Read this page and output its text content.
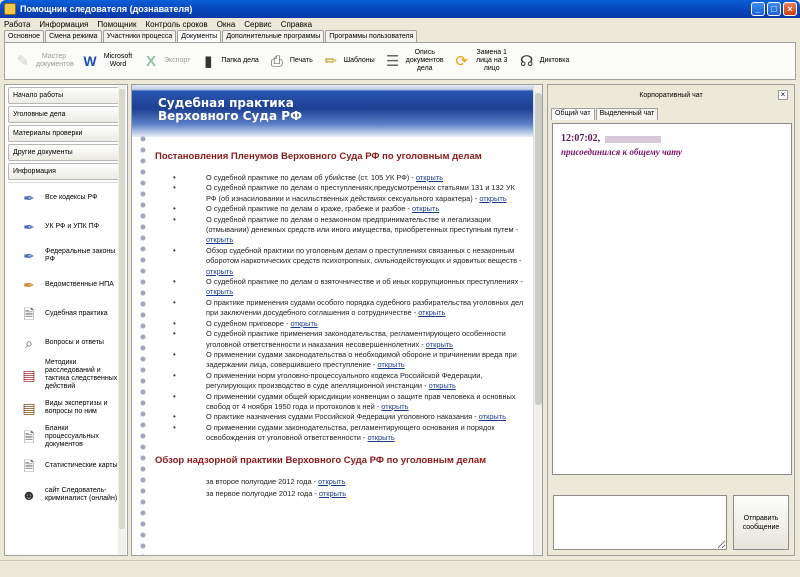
Помощник следователя (дознавателя)	_	□	×
Работа Информация Помощник Контроль сроков Окна Сервис Справка
Основное	Смена режима	Участники процесса	Документы	Дополнительные программы	Программы пользователя
✎	Мастер документов W	Microsoft Word	X	Экспорт ▮	Папка дела ⎙	Печать ✏ Шаблоны ☰
Опись документов дела	⟳
Замена 1 лица на 3 лицо	☊ Диктовка
Начало работы
Уголовные дела
Материалы проверки
Другие документы
Информация
✒	Все кодексы РФ
✒	УК РФ и УПК ПФ
✒	Федеральные законы РФ
✒	Ведомственные НПА
🗎	Судебная практика
⌕	Вопросы и ответы
▤
Методики расследований и тактика следственных действий
▤	Виды экспертизы и вопросы по ним
🗎
Бланки процессуальных документов
🗎	Статистические карты
☻	сайт Следователь-криминалист (онлайн)
Судебная практика
Верховного Суда РФ
Постановления Пленумов Верховного Суда РФ по уголовным делам
• О судебной практике по делам об убийстве (ст. 105 УК РФ) - открыть
• О судебной практике по делам о преступлениях,предусмотренных статьями 131 и 132 УК РФ (об изнасиловании и насильственных действиях сексуального характера) - открыть
• О судебной практике по делам о краже, грабеже и разбое - открыть
• О судебной практике по делам о незаконном предпринимательстве и легализации (отмывании) денежных средств или иного имущества, приобретенных преступным путем - открыть
• Обзор судебной практики по уголовным делам о преступлениях связанных с незаконным оборотом наркотических средств психотропных, сильнодействующих и ядовитых веществ - открыть
• О судебной практике по делам о взяточничестве и об иных коррупционных преступлениях - открыть
• О практике применения судами особого порядка судебного разбирательства уголовных дел при заключении досудебного соглашения о сотрудничестве - открыть
• О судебном приговоре - открыть
• О судебной практике применения законодательства, регламентирующего особенности уголовной ответственности и наказания несовершеннолетних - открыть
• О применении судами законодательства о необходимой обороне и причинении вреда при задержании лица, совершившего преступление - открыть
• О применении норм уголовно-процессуального кодекса Российской Федерации, регулирующих производство в суде апелляционной инстанции - открыть
• О применении судами общей юрисдикции конвенции о защите прав человека и основных свобод от 4 ноября 1950 года и протоколов к ней - открыть
• О практике назначения судами Российской Федерации уголовного наказания - открыть
• О применении судами законодательства, регламентирующего основания и порядок освобождения от уголовной ответственности - открыть
Обзор надзорной практики Верховного Суда РФ по уголовным делам
за второе полугодие 2012 года - открыть
за первое полугодие 2012 года - открыть
Корпоративный чат	×
Общий чат	Выделенный чат
12:07:02,
присоединился к общему чату
Отправить сообщение
